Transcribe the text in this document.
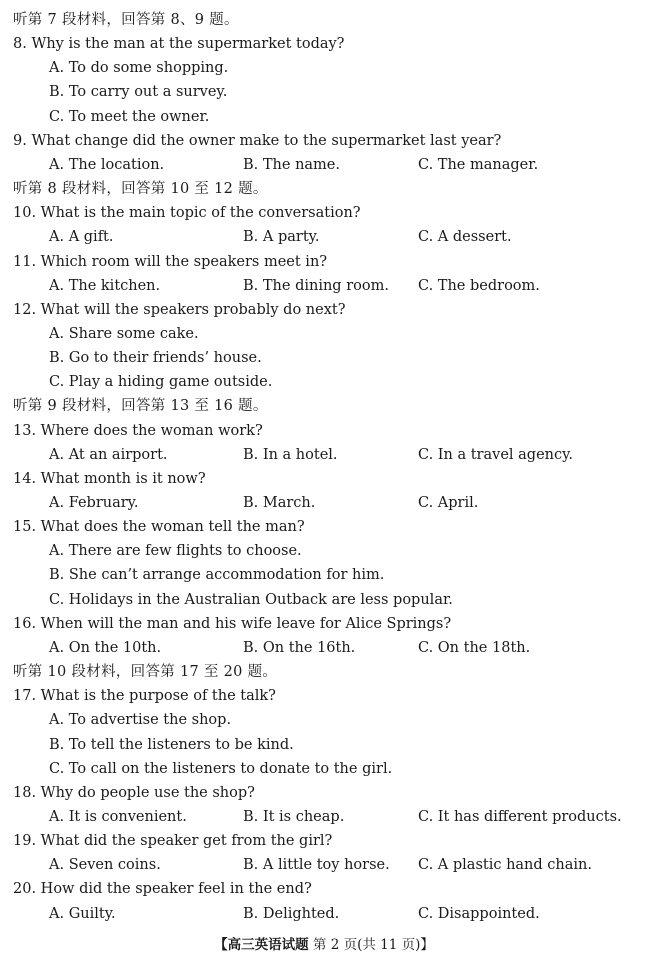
【高三英语试题 第 2 页(共 11 页)】
听第 7 段材料，回答第 8、9 题。
8. Why is the man at the supermarket today?
A. To do some shopping.
B. To carry out a survey.
C. To meet the owner.
9. What change did the owner make to the supermarket last year?
A. The location.	B. The name.	C. The manager.
听第 8 段材料，回答第 10 至 12 题。
10. What is the main topic of the conversation?
A. A gift.	B. A party.	C. A dessert.
11. Which room will the speakers meet in?
A. The kitchen.	B. The dining room. C. The bedroom.
12. What will the speakers probably do next?
A. Share some cake.
B. Go to their friends’ house.
C. Play a hiding game outside.
听第 9 段材料，回答第 13 至 16 题。
13. Where does the woman work?
A. At an airport.	B. In a hotel.	C. In a travel agency.
14. What month is it now?
A. February.	B. March.	C. April.
15. What does the woman tell the man?
A. There are few flights to choose.
B. She can’t arrange accommodation for him.
C. Holidays in the Australian Outback are less popular.
16. When will the man and his wife leave for Alice Springs?
A. On the 10th.	B. On the 16th.	C. On the 18th.
听第 10 段材料，回答第 17 至 20 题。
17. What is the purpose of the talk?
A. To advertise the shop.
B. To tell the listeners to be kind.
C. To call on the listeners to donate to the girl.
18. Why do people use the shop?
A. It is convenient.	B. It is cheap.	C. It has different products.
19. What did the speaker get from the girl?
A. Seven coins.	B. A little toy horse. C. A plastic hand chain.
20. How did the speaker feel in the end?
A. Guilty.	B. Delighted.	C. Disappointed.
